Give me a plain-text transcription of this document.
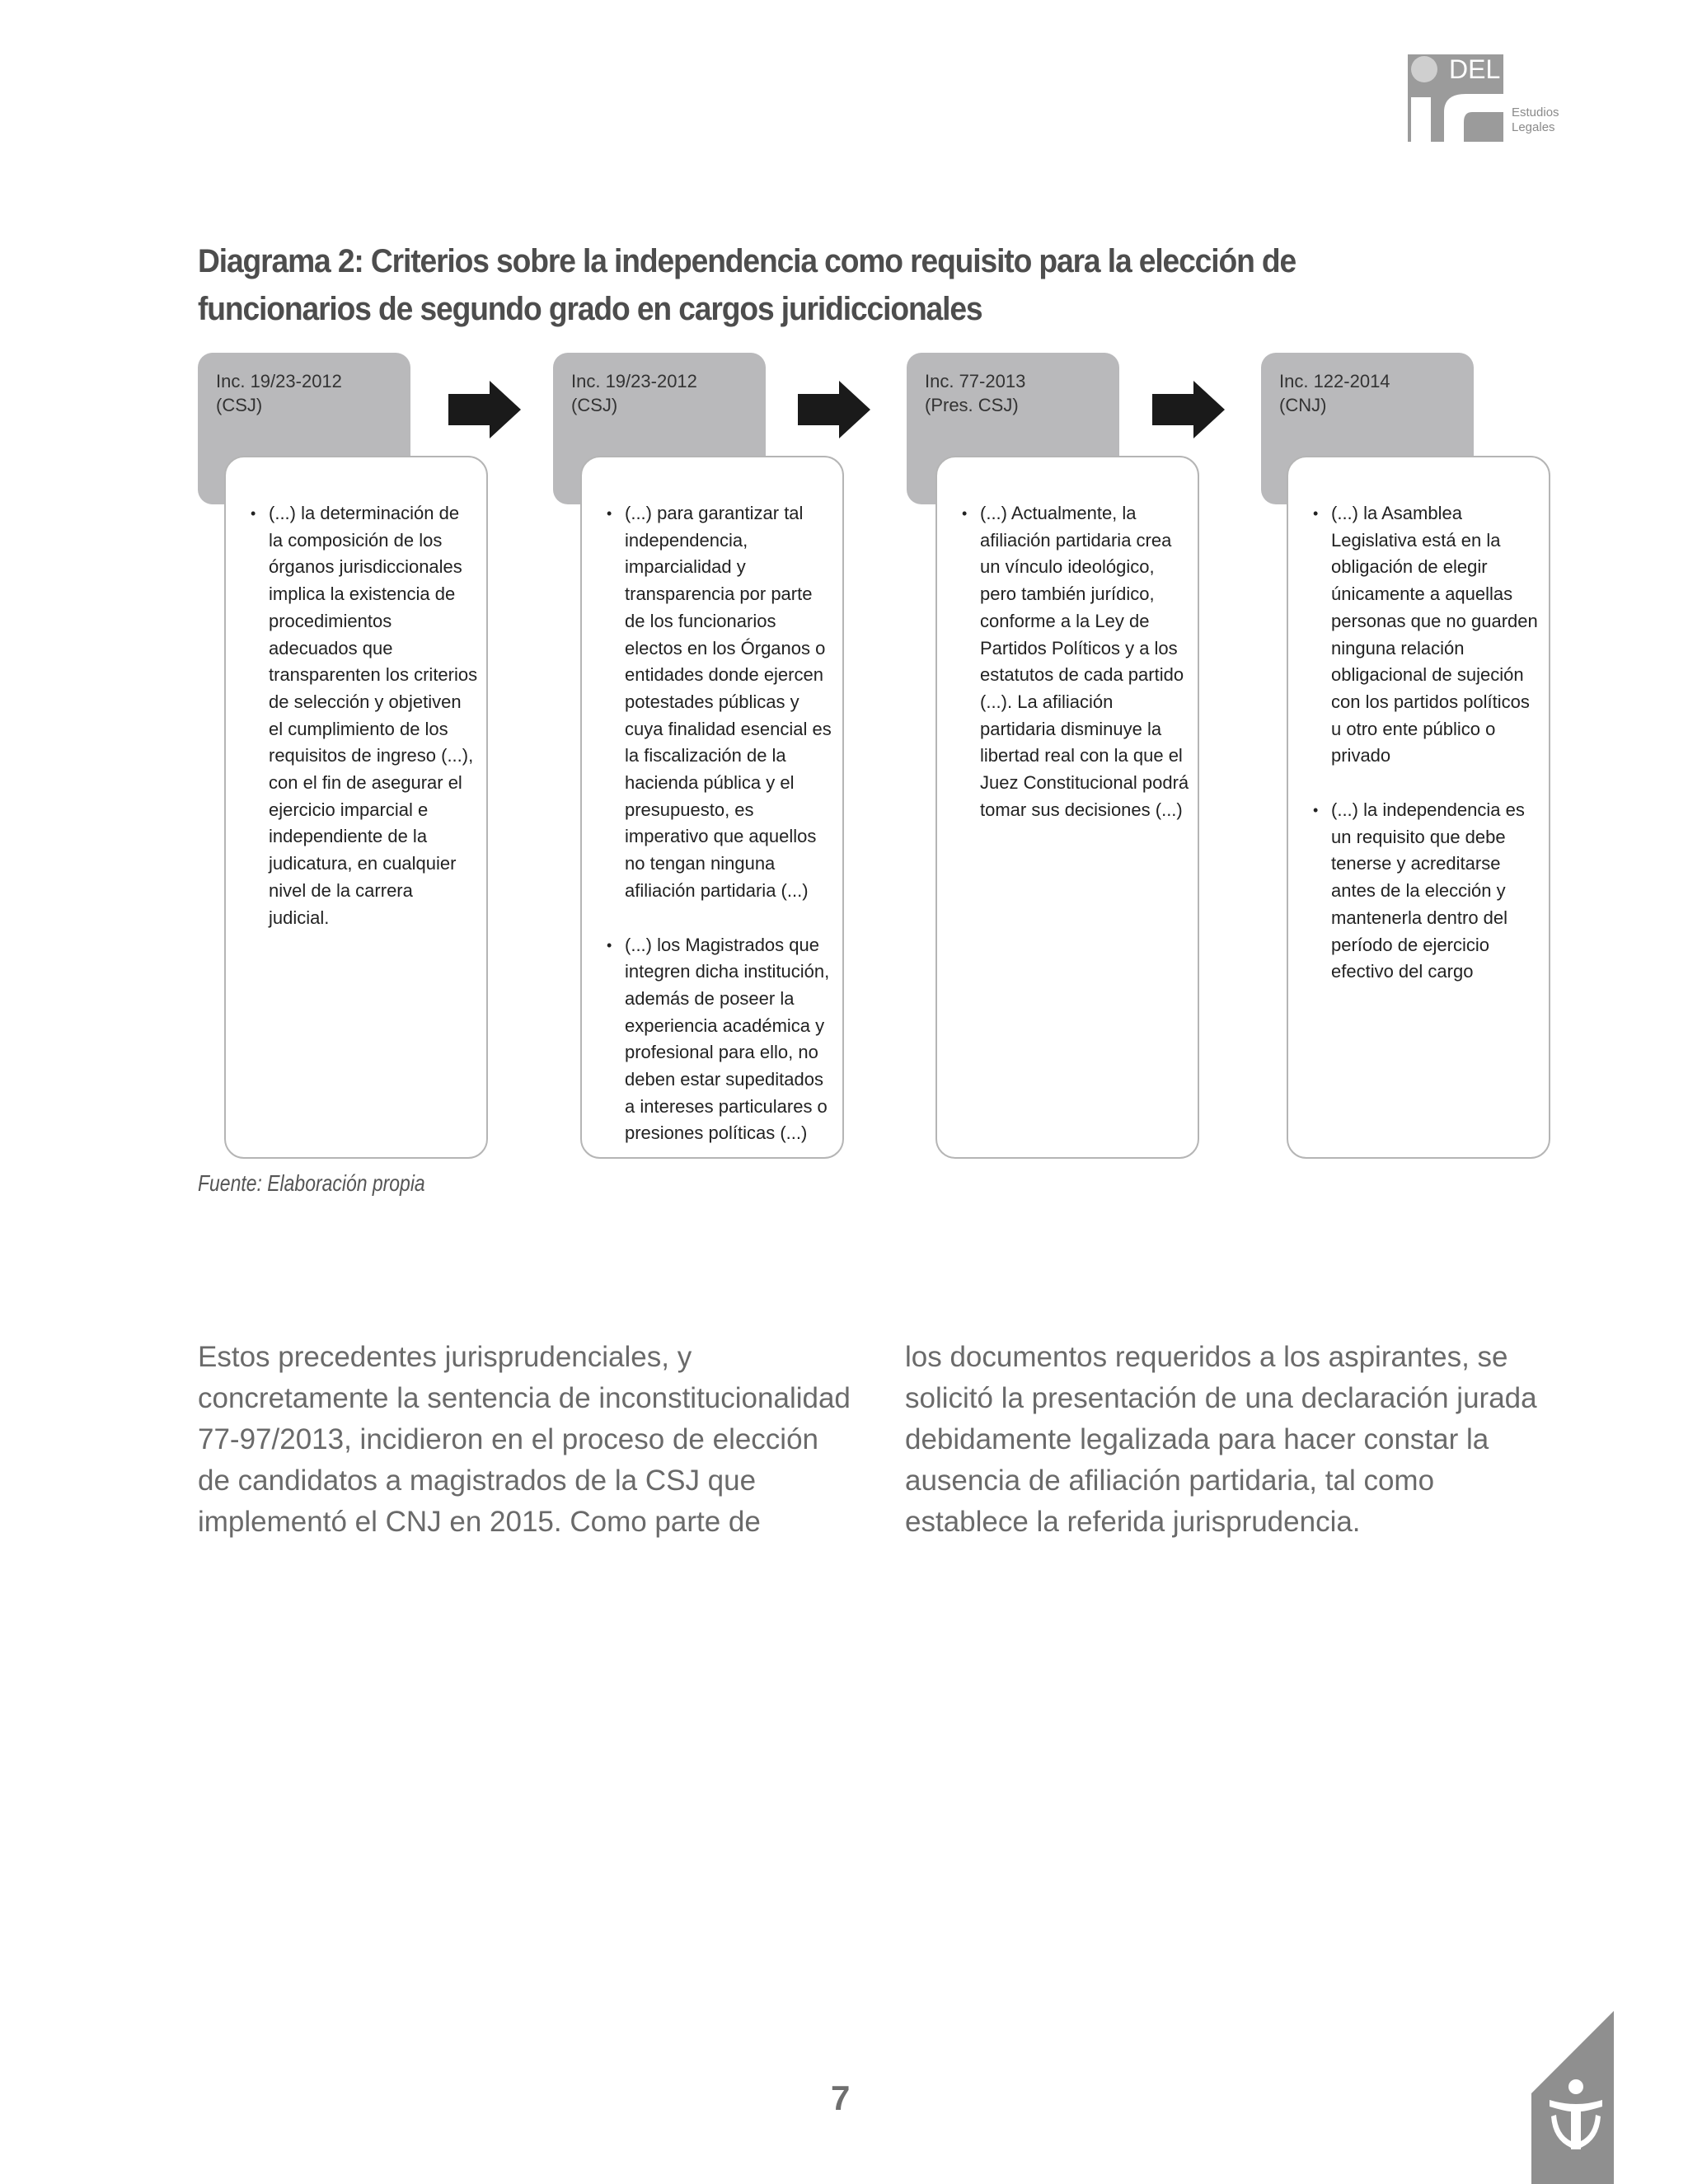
DEL
Estudios
Legales
Diagrama 2: Criterios sobre la independencia como requisito para la elección de funcionarios de segundo grado en cargos juridiccionales
Inc. 19/23-2012
(CSJ)
• (...) la determinación de la composición de los órganos jurisdiccionales implica la existencia de procedimientos adecuados que transparenten los criterios de selección y objetiven el cumplimiento de los requisitos de ingreso (...), con el fin de asegurar el ejercicio imparcial e independiente de la judicatura, en cualquier nivel de la carrera judicial.
Inc. 19/23-2012
(CSJ)
• (...) para garantizar tal independencia, imparcialidad y transparencia por parte de los funcionarios electos en los Órganos o entidades donde ejercen potestades públicas y cuya finalidad esencial es la fiscalización de la hacienda pública y el presupuesto, es imperativo que aquellos no tengan ninguna afiliación partidaria (...)
• (...) los Magistrados que integren dicha institución, además de poseer la experiencia académica y profesional para ello, no deben estar supeditados a intereses particulares o presiones políticas (...)
Inc. 77-2013
(Pres. CSJ)
• (...) Actualmente, la afiliación partidaria crea un vínculo ideológico, pero también jurídico, conforme a la Ley de Partidos Políticos y a los estatutos de cada partido (...). La afiliación partidaria disminuye la libertad real con la que el Juez Constitucional podrá tomar sus decisiones (...)
Inc. 122-2014
(CNJ)
• (...) la Asamblea Legislativa está en la obligación de elegir únicamente a aquellas personas que no guarden ninguna relación obligacional de sujeción con los partidos políticos u otro ente público o privado
• (...) la independencia es un requisito que debe tenerse y acreditarse antes de la elección y mantenerla dentro del período de ejercicio efectivo del cargo
Fuente: Elaboración propia
Estos precedentes jurisprudenciales, y concretamente la sentencia de inconstitucionalidad 77-97/2013, incidieron en el proceso de elección de candidatos a magistrados de la CSJ que implementó el CNJ en 2015. Como parte de
los documentos requeridos a los aspirantes, se solicitó la presentación de una declaración jurada debidamente legalizada para hacer constar la ausencia de afiliación partidaria, tal como establece la referida jurisprudencia.
7
